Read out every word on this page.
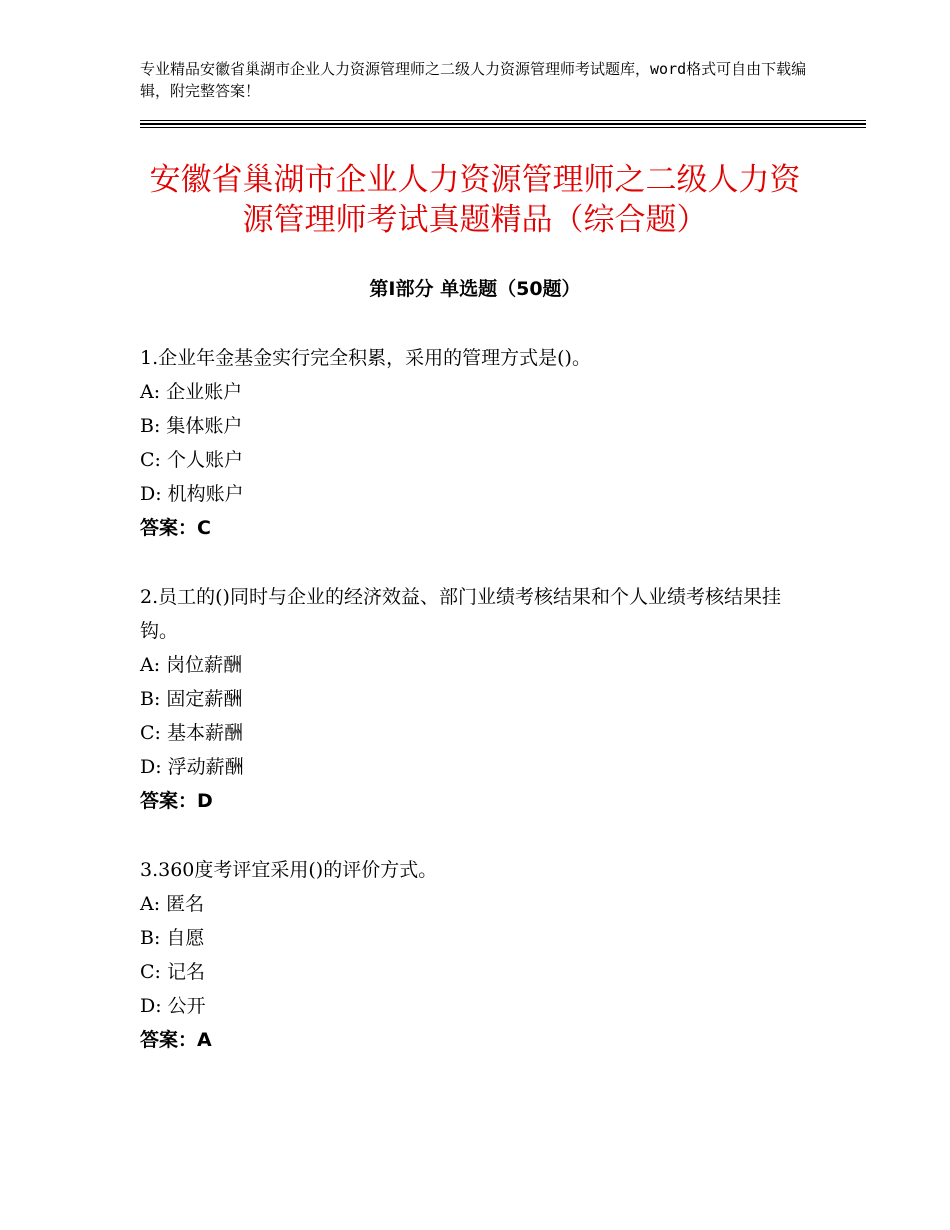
专业精品安徽省巢湖市企业人力资源管理师之二级人力资源管理师考试题库，word格式可自由下载编辑，附完整答案！
安徽省巢湖市企业人力资源管理师之二级人力资源管理师考试真题精品（综合题）
第Ⅰ部分 单选题（50题）

1.企业年金基金实行完全积累，采用的管理方式是()。

A: 企业账户

B: 集体账户

C: 个人账户

D: 机构账户

答案：C

2.员工的()同时与企业的经济效益、部门业绩考核结果和个人业绩考核结果挂钩。

A: 岗位薪酬

B: 固定薪酬

C: 基本薪酬

D: 浮动薪酬

答案：D

3.360度考评宜采用()的评价方式。

A: 匿名

B: 自愿

C: 记名

D: 公开

答案：A
